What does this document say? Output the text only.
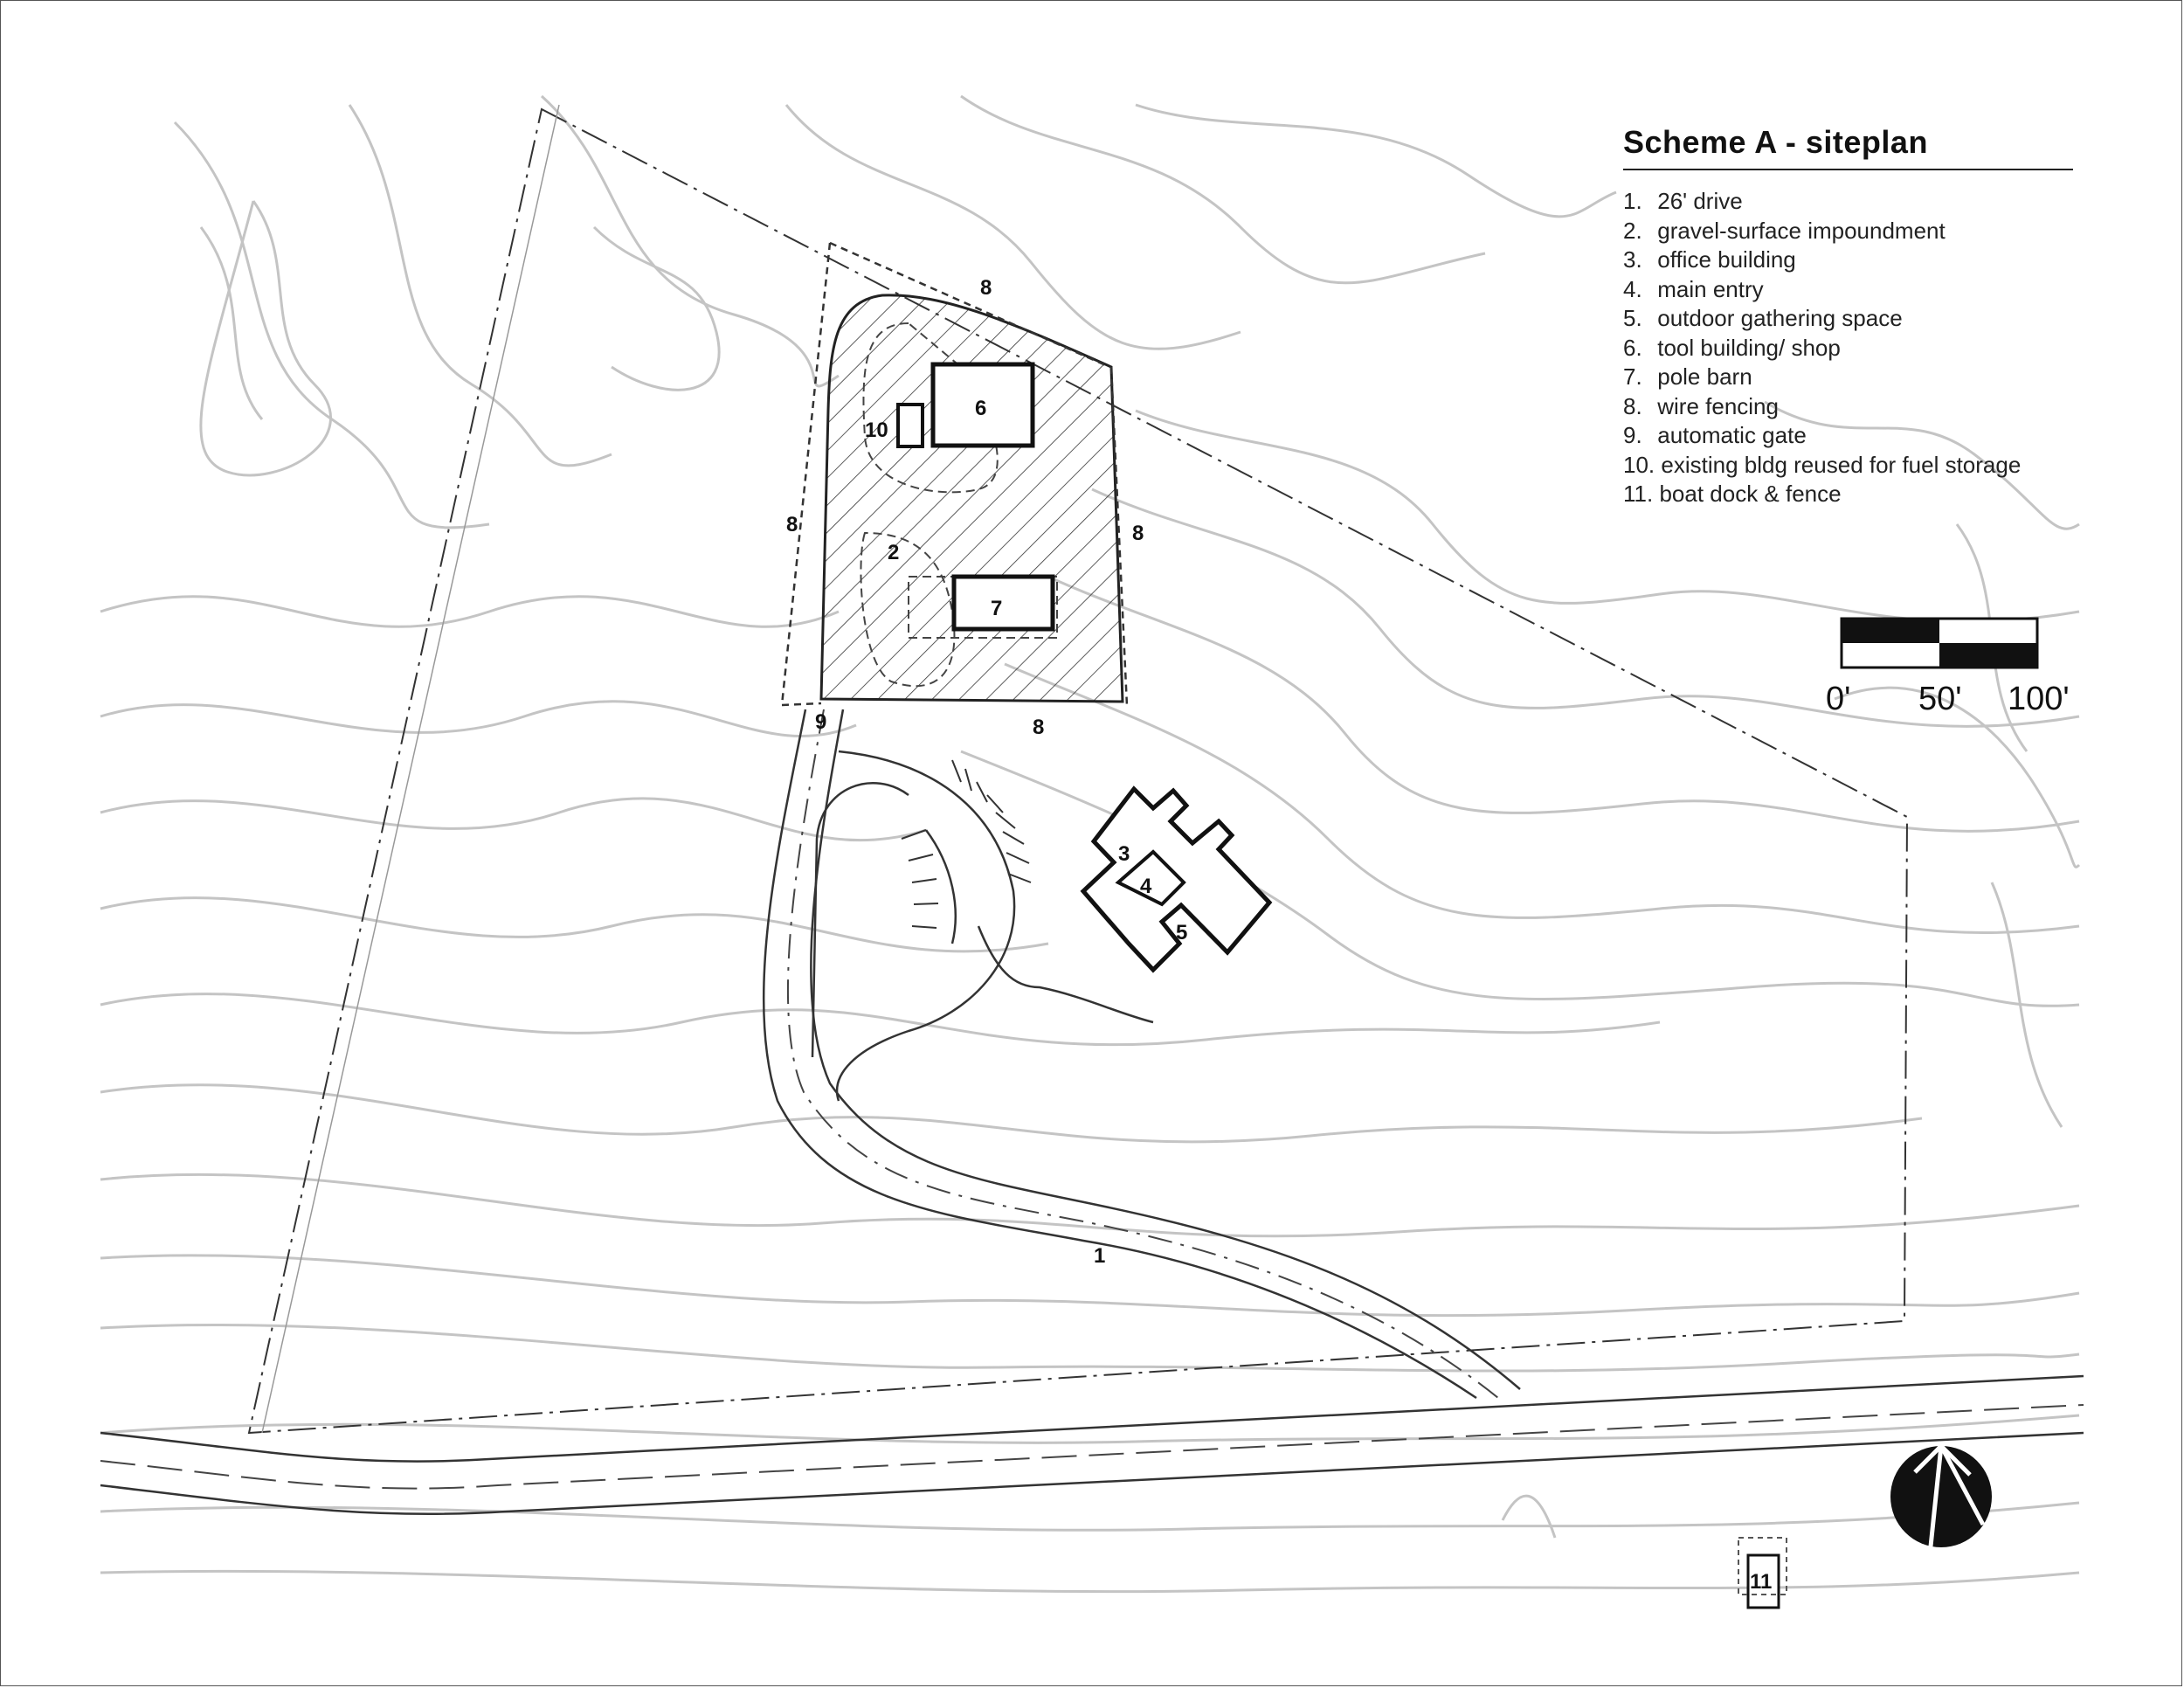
0' 50' 100'
1
2
3
4
5
6
7
8
8	8
8
9
10
11
Scheme A - siteplan
1. 26' drive
2. gravel-surface impoundment
3. office building
4. main entry
5. outdoor gathering space
6. tool building/ shop
7. pole barn
8. wire fencing
9. automatic gate
10. existing bldg reused for fuel storage
11. boat dock & fence
